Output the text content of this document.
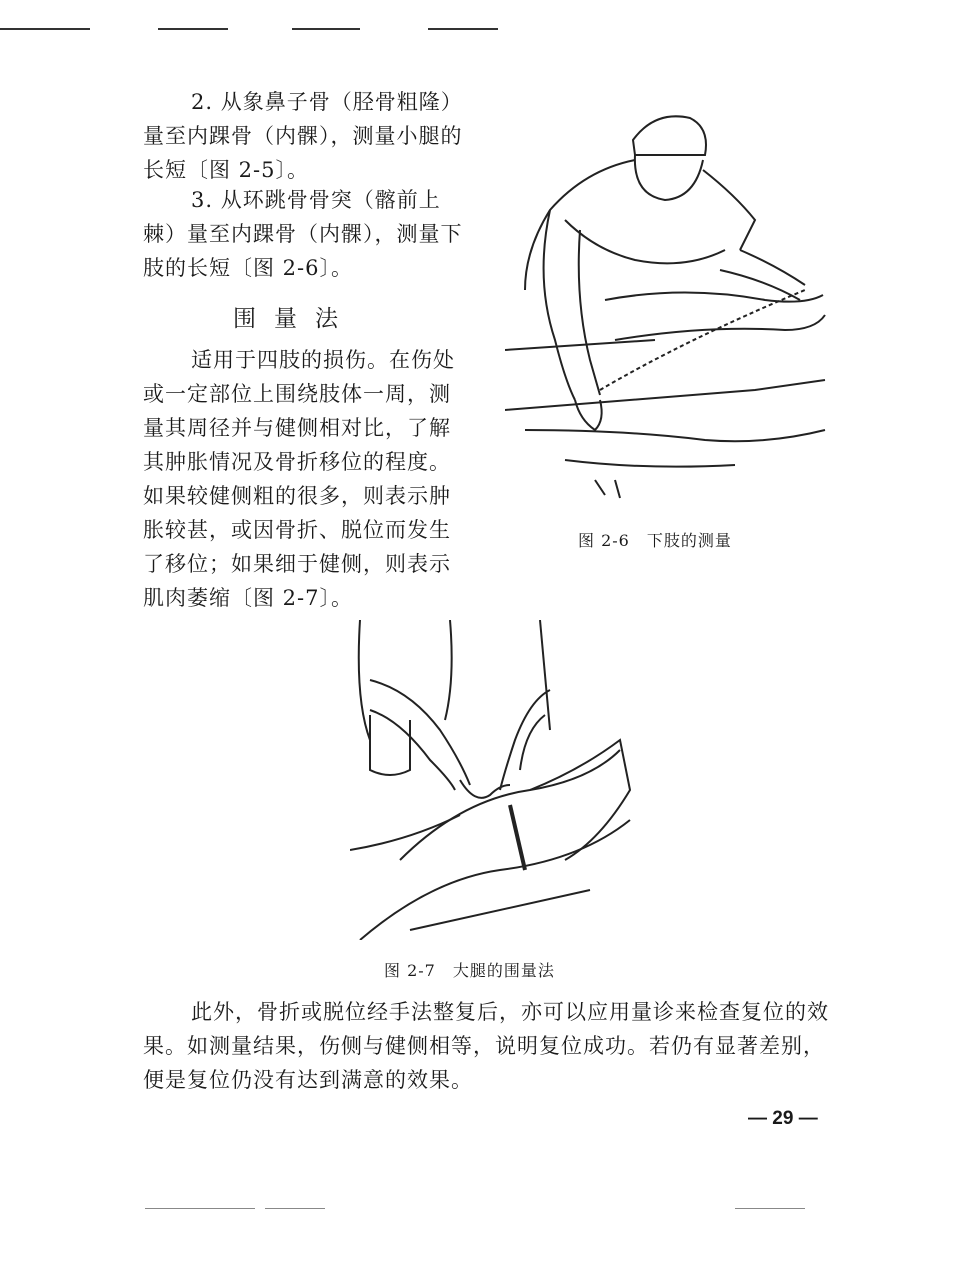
2. 从象鼻子骨（胫骨粗隆）量至内踝骨（内髁），测量小腿的长短〔图 2-5〕。

3. 从环跳骨骨突（髂前上棘）量至内踝骨（内髁），测量下肢的长短〔图 2-6〕。

围量法

适用于四肢的损伤。在伤处或一定部位上围绕肢体一周，测量其周径并与健侧相对比，了解其肿胀情况及骨折移位的程度。如果较健侧粗的很多，则表示肿胀较甚，或因骨折、脱位而发生了移位；如果细于健侧，则表示肌肉萎缩〔图 2-7〕。

图 2-6　下肢的测量
图 2-7　大腿的围量法

此外，骨折或脱位经手法整复后，亦可以应用量诊来检查复位的效果。如测量结果，伤侧与健侧相等，说明复位成功。若仍有显著差别，便是复位仍没有达到满意的效果。

— 29 —
